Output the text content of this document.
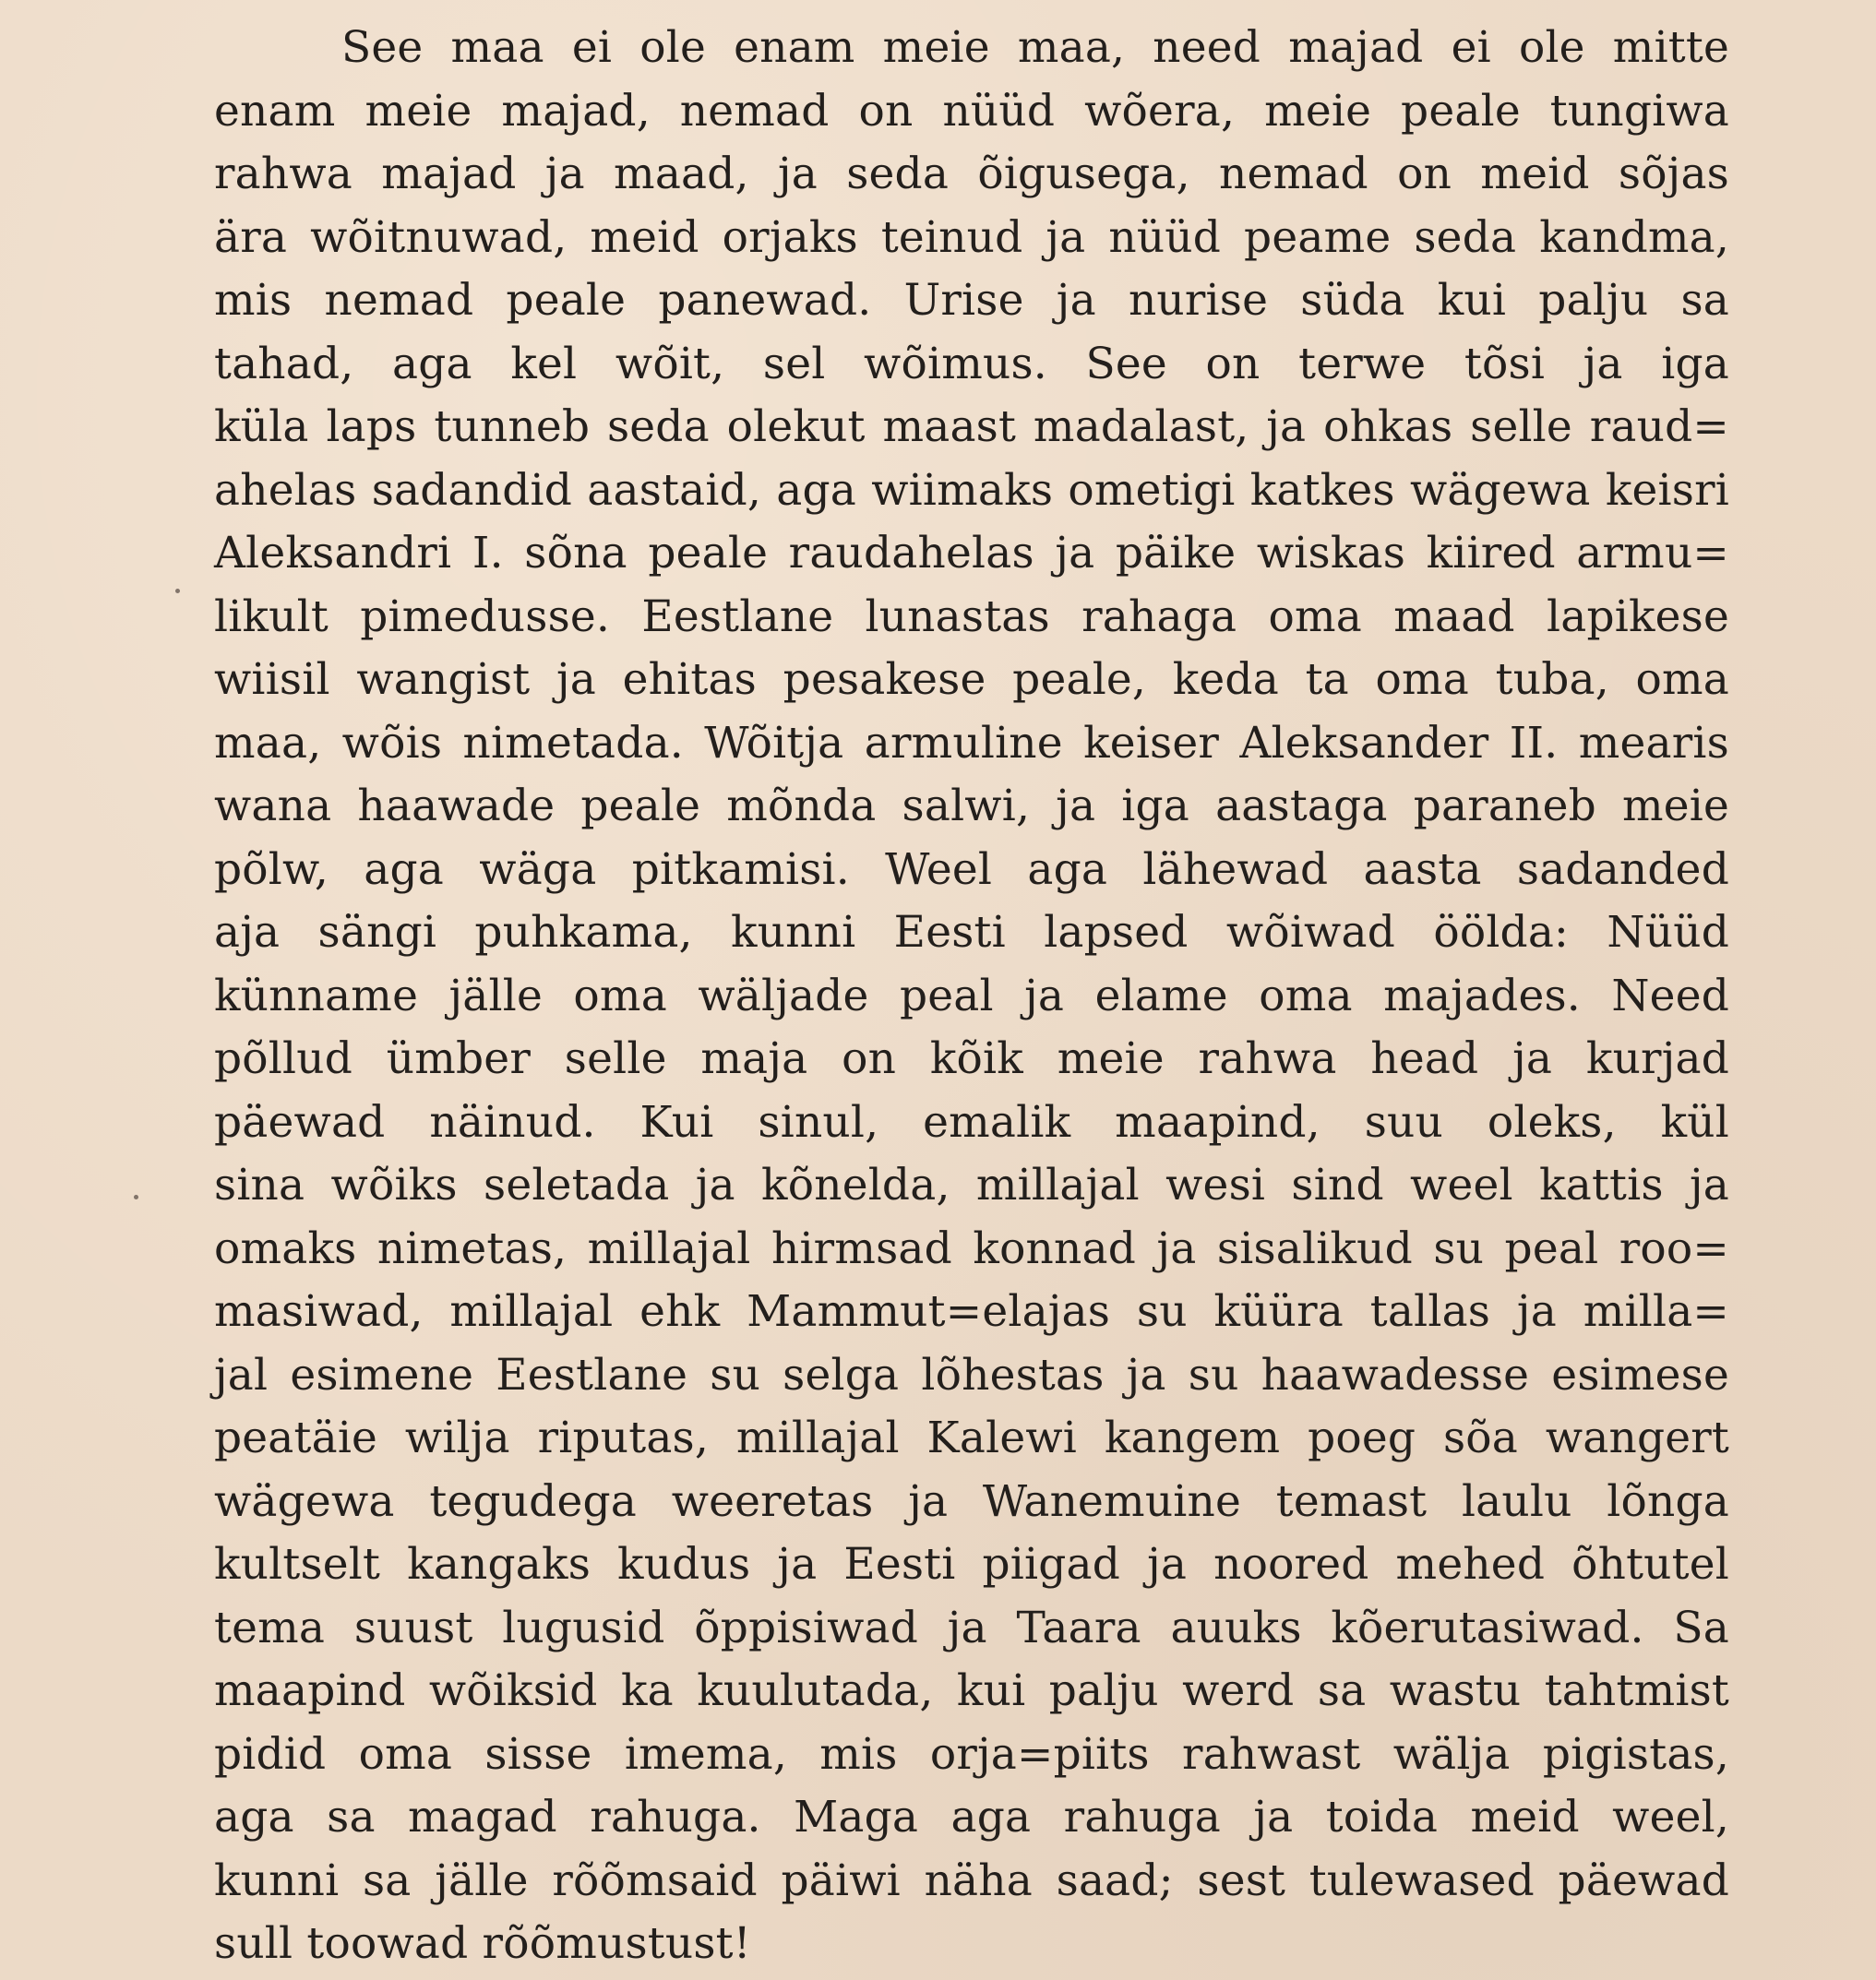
See maa ei ole enam meie maa, need majad ei ole mitte
enam meie majad, nemad on nüüd wõera, meie peale tungiwa
rahwa majad ja maad, ja seda õigusega, nemad on meid sõjas
ära wõitnuwad, meid orjaks teinud ja nüüd peame seda kandma,
mis nemad peale panewad. Urise ja nurise süda kui palju sa
tahad, aga kel wõit, sel wõimus. See on terwe tõsi ja iga
küla laps tunneb seda olekut maast madalast, ja ohkas selle raud=
ahelas sadandid aastaid, aga wiimaks ometigi katkes wägewa keisri
Aleksandri I. sõna peale raudahelas ja päike wiskas kiired armu=
likult pimedusse. Eestlane lunastas rahaga oma maad lapikese
wiisil wangist ja ehitas pesakese peale, keda ta oma tuba, oma
maa, wõis nimetada. Wõitja armuline keiser Aleksander II. mearis
wana haawade peale mõnda salwi, ja iga aastaga paraneb meie
põlw, aga wäga pitkamisi. Weel aga lähewad aasta sadanded
aja sängi puhkama, kunni Eesti lapsed wõiwad öölda: Nüüd
künname jälle oma wäljade peal ja elame oma majades. Need
põllud ümber selle maja on kõik meie rahwa head ja kurjad
päewad näinud. Kui sinul, emalik maapind, suu oleks, kül
sina wõiks seletada ja kõnelda, millajal wesi sind weel kattis ja
omaks nimetas, millajal hirmsad konnad ja sisalikud su peal roo=
masiwad, millajal ehk Mammut=elajas su küüra tallas ja milla=
jal esimene Eestlane su selga lõhestas ja su haawadesse esimese
peatäie wilja riputas, millajal Kalewi kangem poeg sõa wangert
wägewa tegudega weeretas ja Wanemuine temast laulu lõnga
kultselt kangaks kudus ja Eesti piigad ja noored mehed õhtutel
tema suust lugusid õppisiwad ja Taara auuks kõerutasiwad. Sa
maapind wõiksid ka kuulutada, kui palju werd sa wastu tahtmist
pidid oma sisse imema, mis orja=piits rahwast wälja pigistas,
aga sa magad rahuga. Maga aga rahuga ja toida meid weel,
kunni sa jälle rõõmsaid päiwi näha saad; sest tulewased päewad
sull toowad rõõmustust!
